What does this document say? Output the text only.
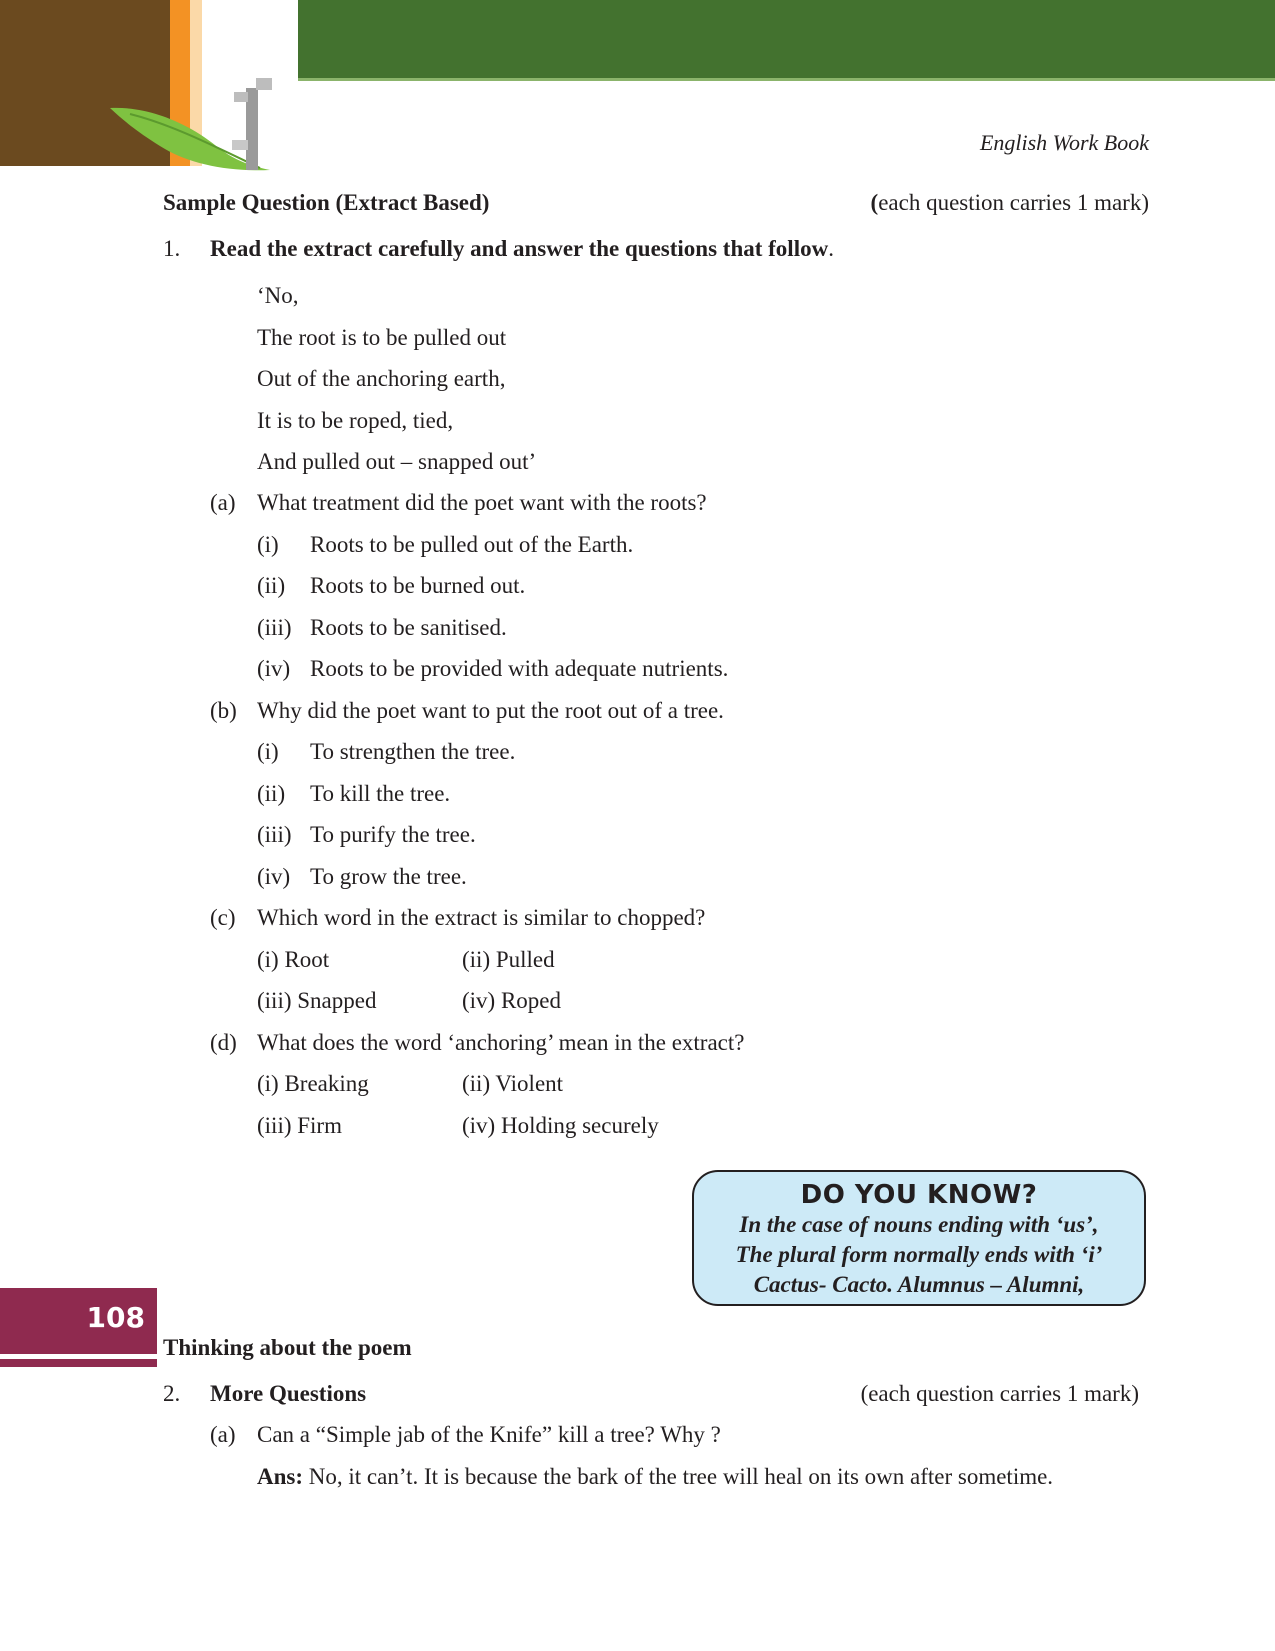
English Work Book
Sample Question (Extract Based)	(each question carries 1 mark)
1. Read the extract carefully and answer the questions that follow.
‘No,
The root is to be pulled out
Out of the anchoring earth,
It is to be roped, tied,
And pulled out – snapped out’
(a) What treatment did the poet want with the roots?
(i) Roots to be pulled out of the Earth.
(ii) Roots to be burned out.
(iii) Roots to be sanitised.
(iv) Roots to be provided with adequate nutrients.
(b) Why did the poet want to put the root out of a tree.
(i) To strengthen the tree.
(ii) To kill the tree.
(iii) To purify the tree.
(iv) To grow the tree.
(c) Which word in the extract is similar to chopped?
(i) Root	(ii) Pulled
(iii) Snapped	(iv) Roped
(d) What does the word ‘anchoring’ mean in the extract?
(i) Breaking	(ii) Violent
(iii) Firm	(iv) Holding securely
DO YOU KNOW?
In the case of nouns ending with ‘us’,
The plural form normally ends with ‘i’
Cactus- Cacto. Alumnus – Alumni,
108
Thinking about the poem
2. More Questions	(each question carries 1 mark)
(a) Can a “Simple jab of the Knife” kill a tree? Why ?
Ans: No, it can’t. It is because the bark of the tree will heal on its own after sometime.
